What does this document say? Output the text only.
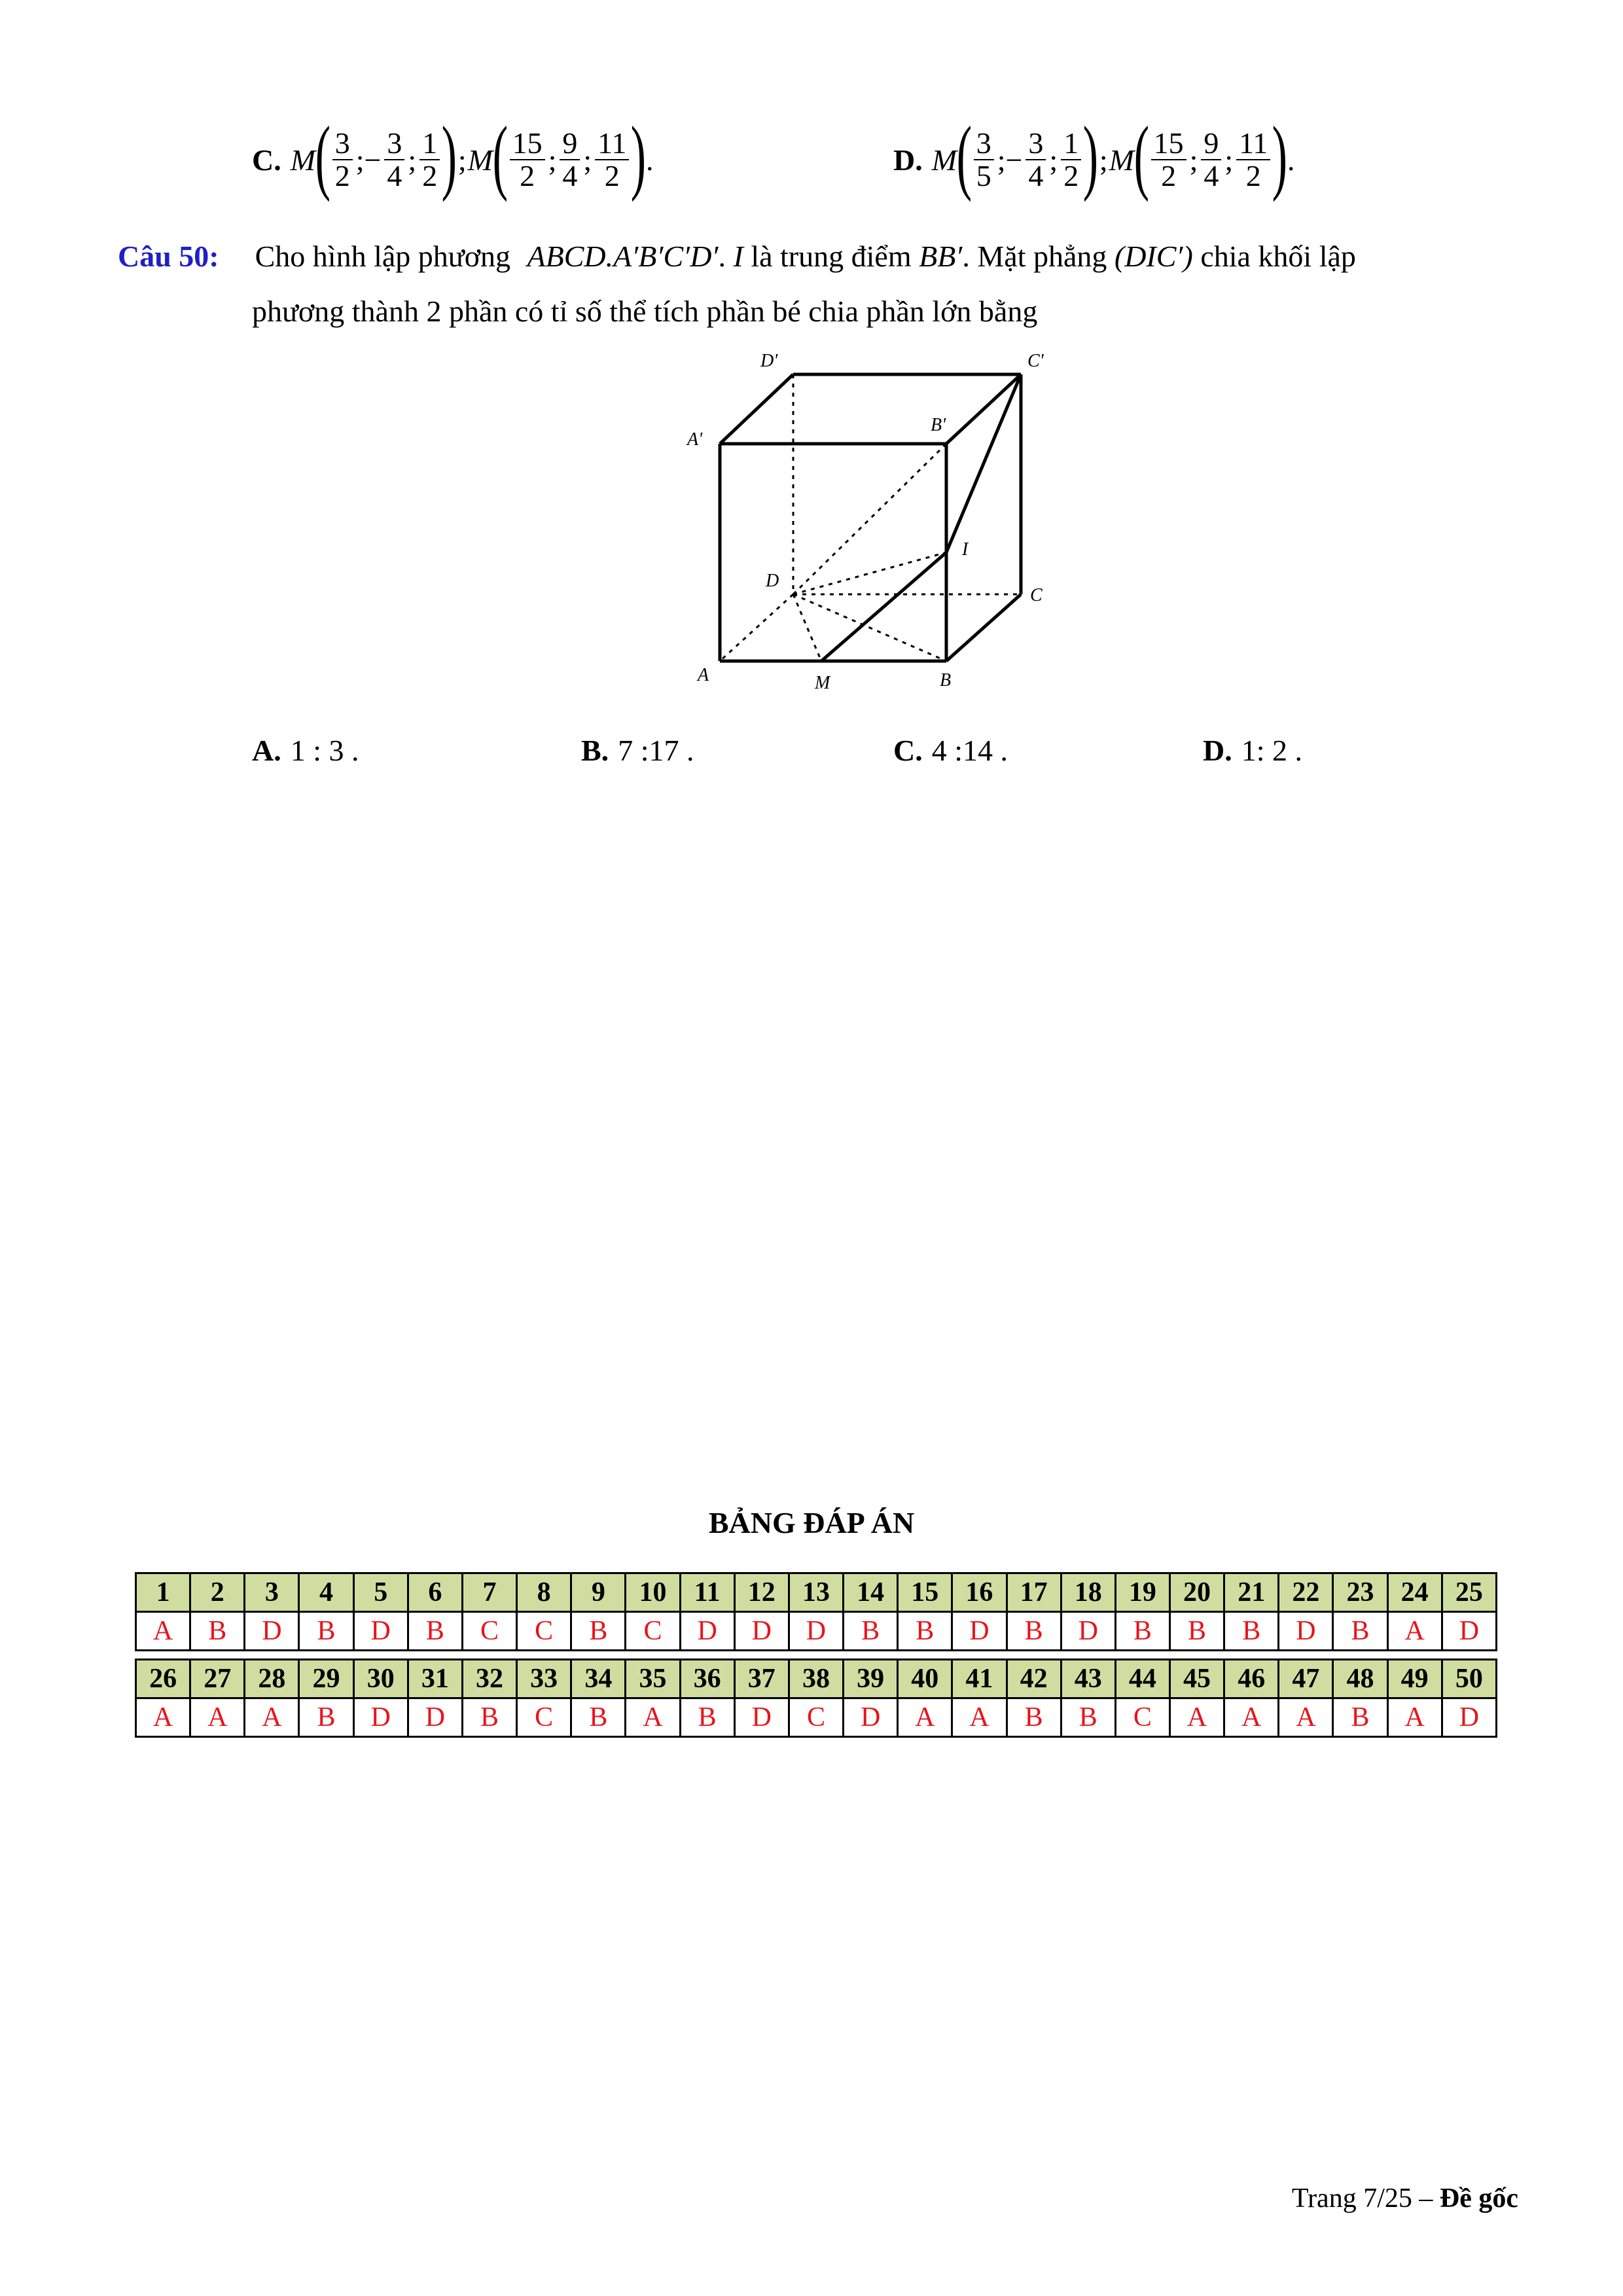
C. M ( $\frac{3}{2}$ ;− $\frac{3}{4}$ ; $\frac{1}{2}$ ) ; M ( $\frac{15}{2}$ ; $\frac{9}{4}$ ; $\frac{11}{2}$ ) .	D. M ( $\frac{3}{5}$ ;− $\frac{3}{4}$ ; $\frac{1}{2}$ ) ; M ( $\frac{15}{2}$ ; $\frac{9}{4}$ ; $\frac{11}{2}$ ) .
Câu 50: Cho hình lập phương ABCD.A′B′C′D′. I là trung điểm BB′. Mặt phẳng (DIC′) chia khối lập
phương thành 2 phần có tỉ số thể tích phần bé chia phần lớn bằng
D'	C'
A'
B'
I
D
C
A	M	B
A. 1 : 3 .	B. 7 :17 .	C. 4 :14 .	D. 1: 2 .
BẢNG ĐÁP ÁN
1	2	3	4	5	6	7	8	9	10	11	12	13	14	15	16	17	18	19	20	21	22	23	24	25
A	B	D	B	D	B	C	C	B	C	D	D	D	B	B	D	B	D	B	B	B	D	B	A	D
26	27	28	29	30	31	32	33	34	35	36	37	38	39	40	41	42	43	44	45	46	47	48	49	50
A	A	A	B	D	D	B	C	B	A	B	D	C	D	A	A	B	B	C	A	A	A	B	A	D
Trang 7/25 – Đề gốc
